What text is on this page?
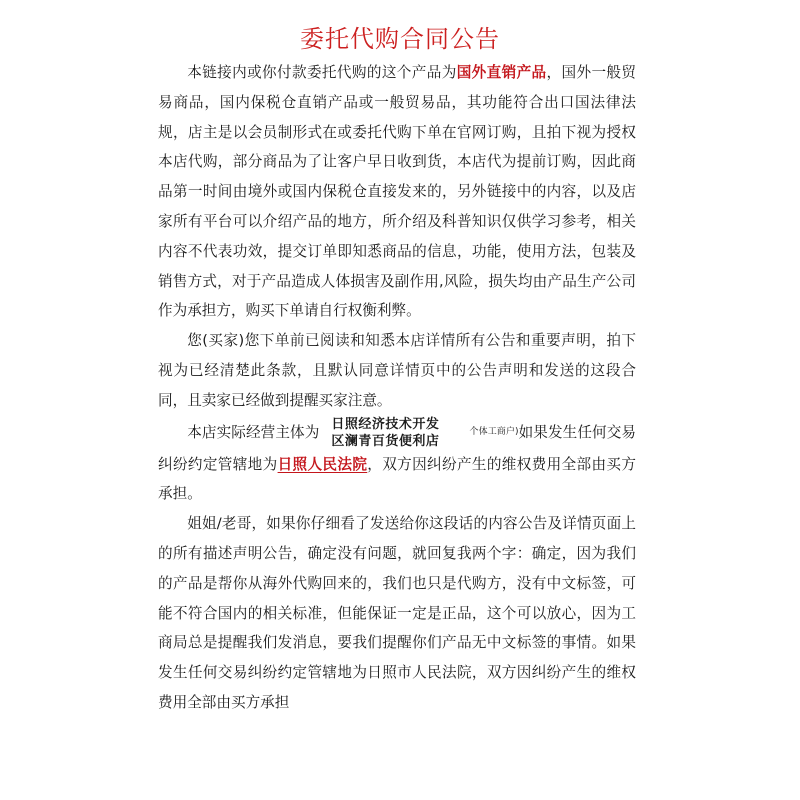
委托代购合同公告

本链接内或你付款委托代购的这个产品为国外直销产品，国外一般贸易商品，国内保税仓直销产品或一般贸易品，其功能符合出口国法律法规，店主是以会员制形式在或委托代购下单在官网订购，且拍下视为授权本店代购，部分商品为了让客户早日收到货，本店代为提前订购，因此商品第一时间由境外或国内保税仓直接发来的，另外链接中的内容，以及店家所有平台可以介绍产品的地方，所介绍及科普知识仅供学习参考，相关内容不代表功效，提交订单即知悉商品的信息，功能，使用方法，包装及销售方式，对于产品造成人体损害及副作用,风险，损失均由产品生产公司作为承担方，购买下单请自行权衡利弊。

您(买家)您下单前已阅读和知悉本店详情所有公告和重要声明，拍下视为已经清楚此条款，且默认同意详情页中的公告声明和发送的这段合同，且卖家已经做到提醒买家注意。

本店实际经营主体为 日照经济技术开发
区澜青百货便利店
个体工商户)如果发生任何交易纠纷约定管辖地为日照人民法院，双方因纠纷产生的维权费用全部由买方承担。

姐姐/老哥，如果你仔细看了发送给你这段话的内容公告及详情页面上的所有描述声明公告，确定没有问题，就回复我两个字：确定，因为我们的产品是帮你从海外代购回来的，我们也只是代购方，没有中文标签，可能不符合国内的相关标准，但能保证一定是正品，这个可以放心，因为工商局总是提醒我们发消息，要我们提醒你们产品无中文标签的事情。如果发生任何交易纠纷约定管辖地为日照市人民法院，双方因纠纷产生的维权费用全部由买方承担
